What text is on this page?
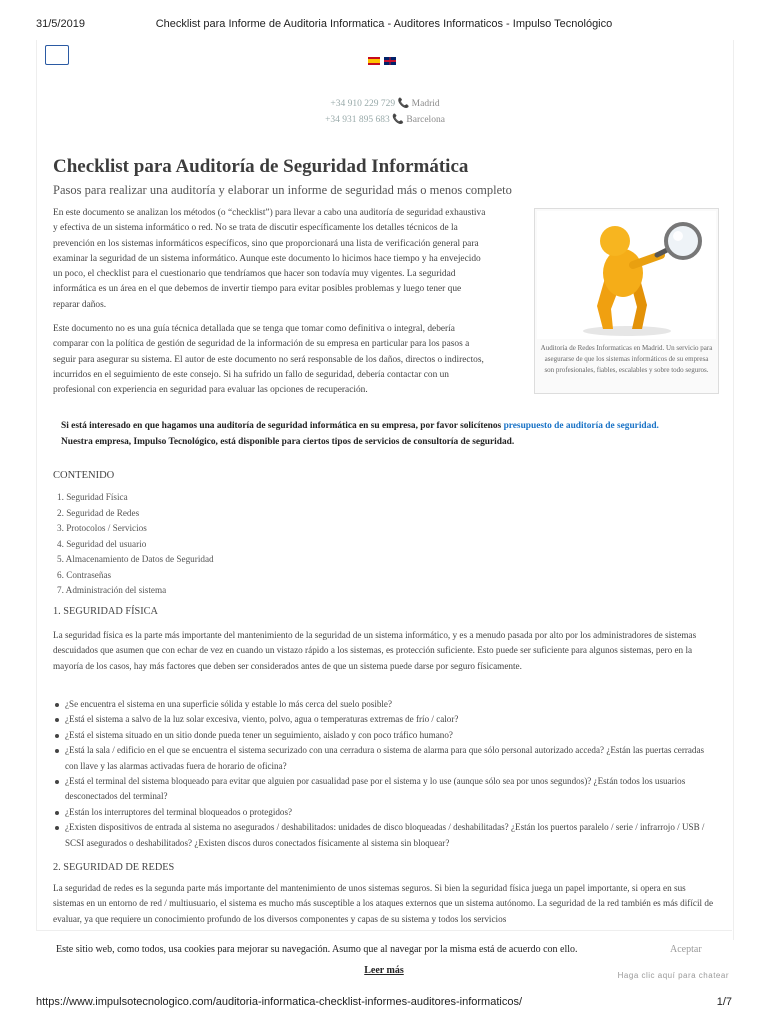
31/5/2019	Checklist para Informe de Auditoria Informatica - Auditores Informaticos - Impulso Tecnológico
+34 910 229 729 📞 Madrid
+34 931 895 683 📞 Barcelona
Checklist para Auditoría de Seguridad Informática

Pasos para realizar una auditoría y elaborar un informe de seguridad más o menos completo

En este documento se analizan los métodos (o “checklist”) para llevar a cabo una auditoría de seguridad exhaustiva y efectiva de un sistema informático o red. No se trata de discutir específicamente los detalles técnicos de la prevención en los sistemas informáticos específicos, sino que proporcionará una lista de verificación general para examinar la seguridad de un sistema informático. Aunque este documento lo hicimos hace tiempo y ha envejecido un poco, el checklist para el cuestionario que tendríamos que hacer son todavía muy vigentes. La seguridad informática es un área en el que debemos de invertir tiempo para evitar posibles problemas y luego tener que reparar daños.

Este documento no es una guía técnica detallada que se tenga que tomar como definitiva o integral, debería comparar con la política de gestión de seguridad de la información de su empresa en particular para los pasos a seguir para asegurar su sistema. El autor de este documento no será responsable de los daños, directos o indirectos, incurridos en el seguimiento de este consejo. Si ha sufrido un fallo de seguridad, debería contactar con un profesional con experiencia en seguridad para evaluar las opciones de recuperación.

Auditoría de Redes Informaticas en Madrid. Un servicio para asegurarse de que los sistemas informáticos de su empresa son profesionales, fiables, escalables y sobre todo seguros.
Si está interesado en que hagamos una auditoría de seguridad informática en su empresa, por favor solicítenos presupuesto de auditoría de seguridad.
Nuestra empresa, Impulso Tecnológico, está disponible para ciertos tipos de servicios de consultoría de seguridad.

CONTENIDO

1. Seguridad Física
2. Seguridad de Redes
3. Protocolos / Servicios
4. Seguridad del usuario
5. Almacenamiento de Datos de Seguridad
6. Contraseñas
7. Administración del sistema

1. SEGURIDAD FÍSICA

La seguridad física es la parte más importante del mantenimiento de la seguridad de un sistema informático, y es a menudo pasada por alto por los administradores de sistemas descuidados que asumen que con echar de vez en cuando un vistazo rápido a los sistemas, es protección suficiente. Esto puede ser suficiente para algunos sistemas, pero en la mayoría de los casos, hay más factores que deben ser considerados antes de que un sistema puede darse por seguro físicamente.

¿Se encuentra el sistema en una superficie sólida y estable lo más cerca del suelo posible?
¿Está el sistema a salvo de la luz solar excesiva, viento, polvo, agua o temperaturas extremas de frío / calor?
¿Está el sistema situado en un sitio donde pueda tener un seguimiento, aislado y con poco tráfico humano?
¿Está la sala / edificio en el que se encuentra el sistema securizado con una cerradura o sistema de alarma para que sólo personal autorizado acceda? ¿Están las puertas cerradas con llave y las alarmas activadas fuera de horario de oficina?
¿Está el terminal del sistema bloqueado para evitar que alguien por casualidad pase por el sistema y lo use (aunque sólo sea por unos segundos)? ¿Están todos los usuarios desconectados del terminal?
¿Están los interruptores del terminal bloqueados o protegidos?
¿Existen dispositivos de entrada al sistema no asegurados / deshabilitados: unidades de disco bloqueadas / deshabilitadas? ¿Están los puertos paralelo / serie / infrarrojo / USB / SCSI asegurados o deshabilitados? ¿Existen discos duros conectados físicamente al sistema sin bloquear?

2. SEGURIDAD DE REDES

La seguridad de redes es la segunda parte más importante del mantenimiento de unos sistemas seguros. Si bien la seguridad física juega un papel importante, si opera en sus sistemas en un entorno de red / multiusuario, el sistema es mucho más susceptible a los ataques externos que un sistema autónomo. La seguridad de la red también es más difícil de evaluar, ya que requiere un conocimiento profundo de los diversos componentes y capas de su sistema y todos los servicios

Este sitio web, como todos, usa cookies para mejorar su navegación. Asumo que al navegar por la misma está de acuerdo con ello.	Aceptar
Leer más	Haga clic aquí para chatear
https://www.impulsotecnologico.com/auditoria-informatica-checklist-informes-auditores-informaticos/	1/7
